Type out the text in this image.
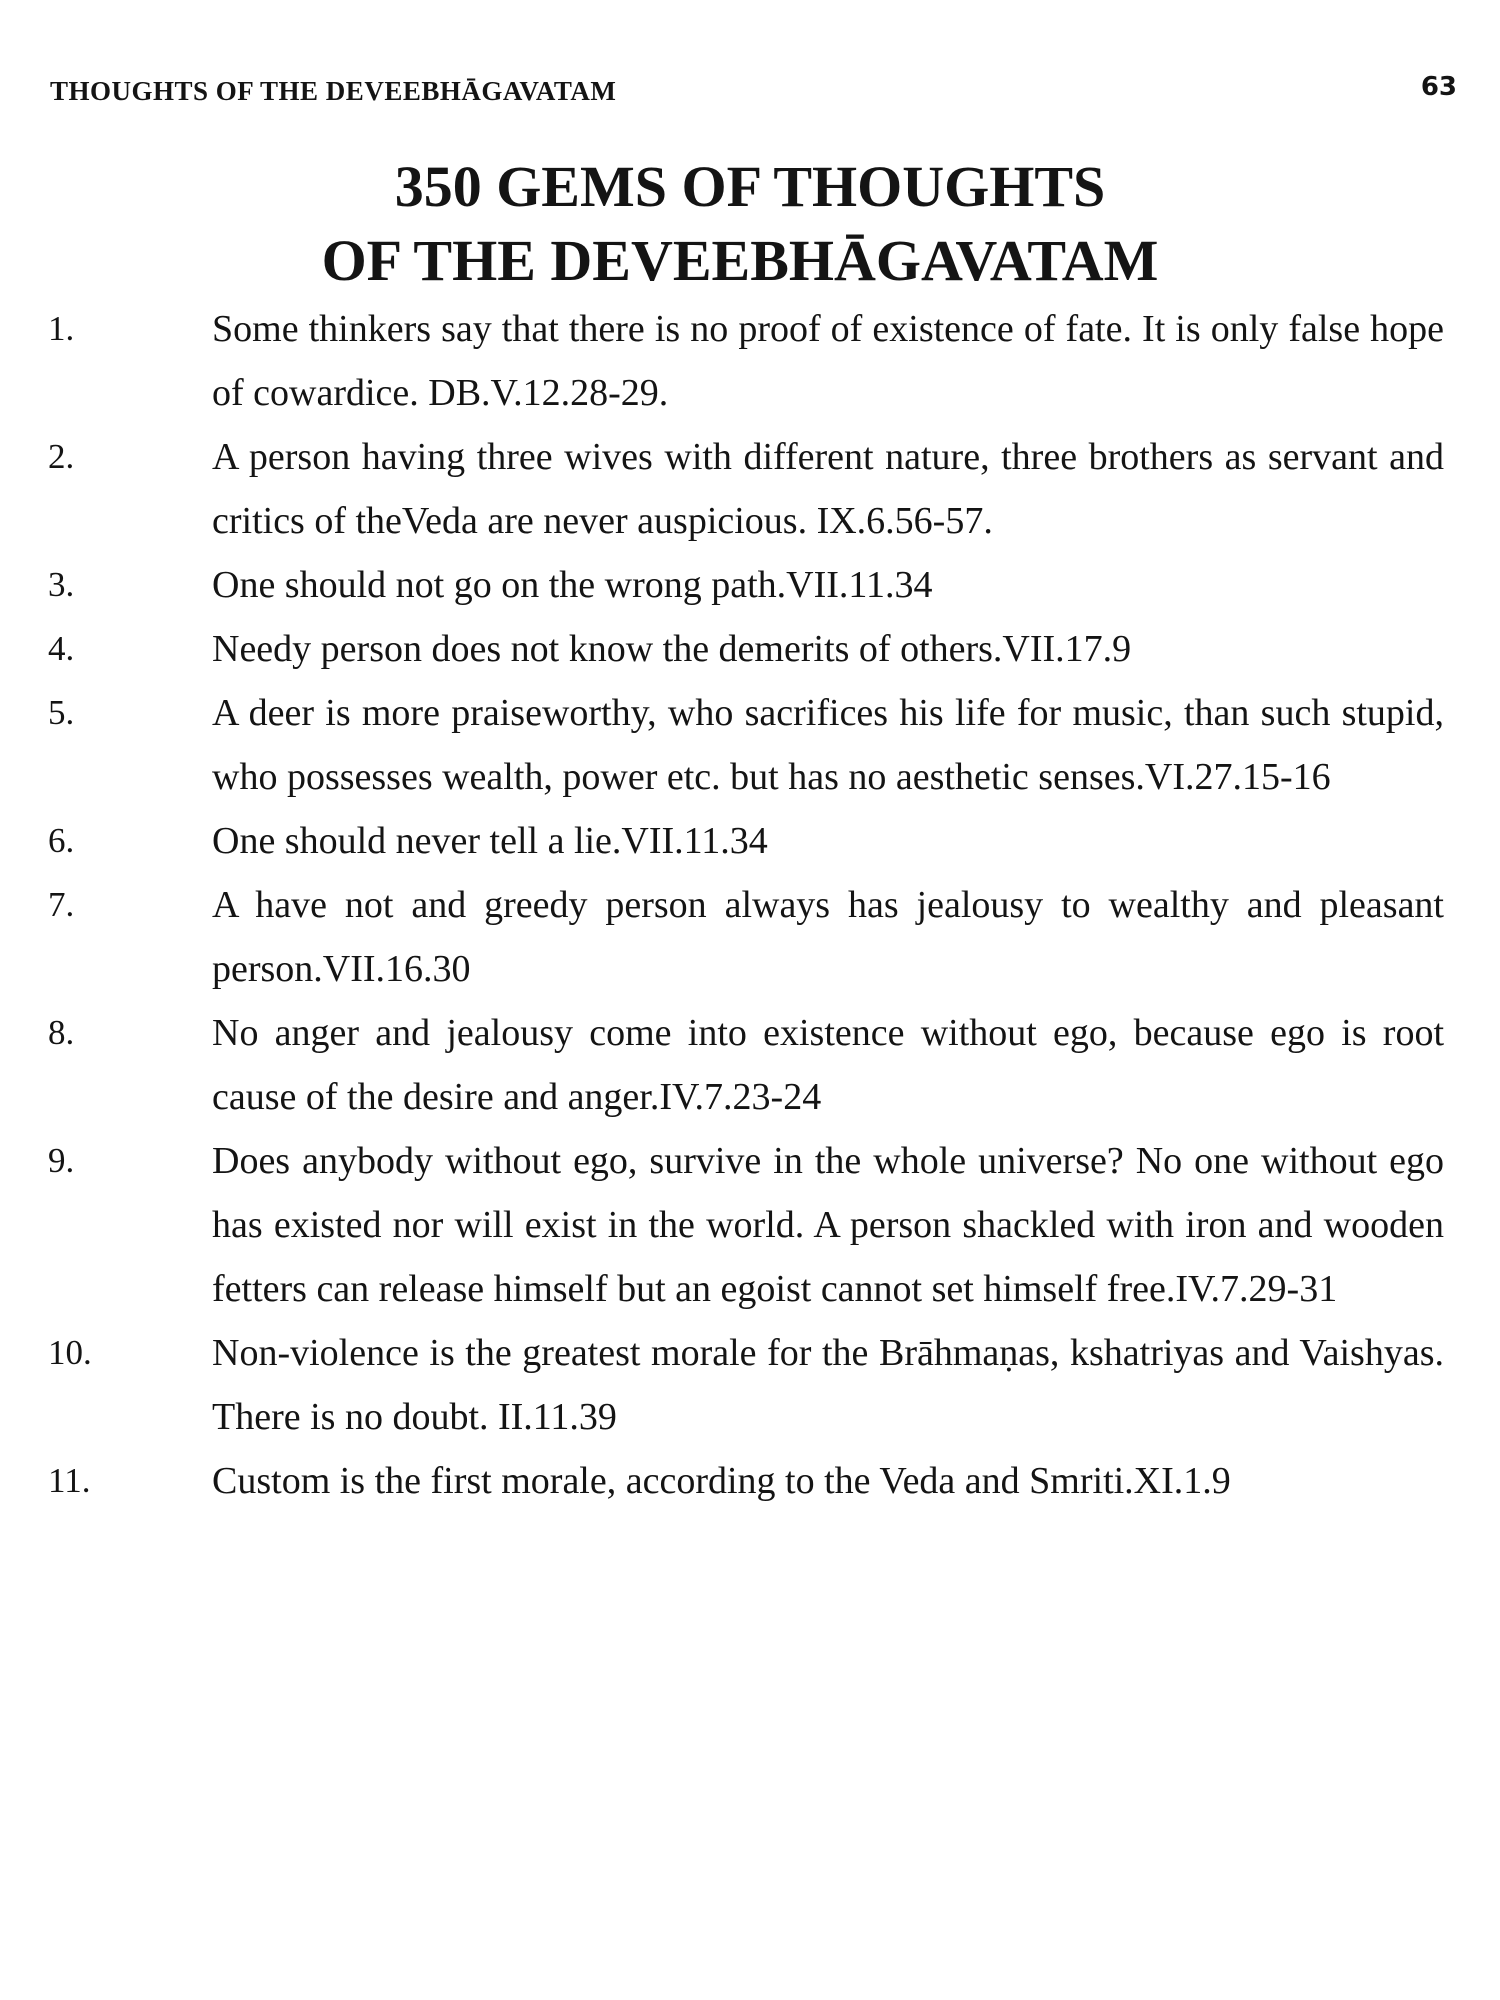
THOUGHTS OF THE DEVEEBHĀGAVATAM	63
350 GEMS OF THOUGHTS
OF THE DEVEEBHĀGAVATAM
1.	Some thinkers say that there is no proof of existence of fate. It is only false hope of cowardice. DB.V.12.28-29.
2.	A person having three wives with different nature, three brothers as servant and critics of theVeda are never auspicious. IX.6.56-57.
3.	One should not go on the wrong path.VII.11.34
4.	Needy person does not know the demerits of others.VII.17.9
5.	A deer is more praiseworthy, who sacrifices his life for music, than such stupid, who possesses wealth, power etc. but has no aesthetic senses.VI.27.15-16
6.	One should never tell a lie.VII.11.34
7.	A have not and greedy person always has jealousy to wealthy and pleasant person.VII.16.30
8.	No anger and jealousy come into existence without ego, because ego is root cause of the desire and anger.IV.7.23-24
9.	Does anybody without ego, survive in the whole universe? No one without ego has existed nor will exist in the world. A person shackled with iron and wooden fetters can release himself but an egoist cannot set himself free.IV.7.29-31
10.	Non-violence is the greatest morale for the Brāhmaṇas, kshatriyas and Vaishyas. There is no doubt. II.11.39
11.	Custom is the first morale, according to the Veda and Smriti.XI.1.9
